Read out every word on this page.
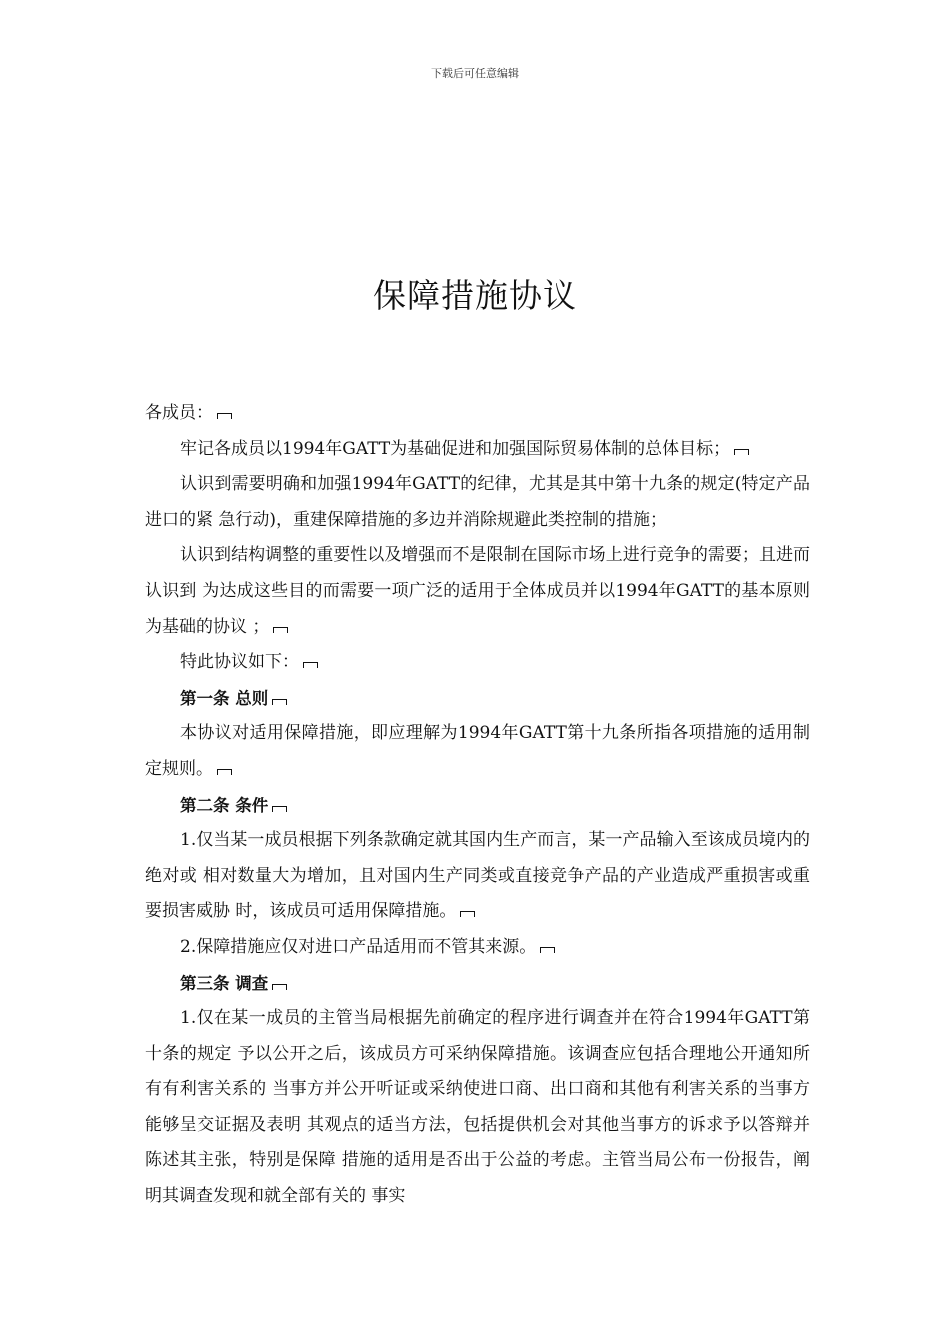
下载后可任意编辑
保障措施协议

各成员：

牢记各成员以1994年GATT为基础促进和加强国际贸易体制的总体目标；

认识到需要明确和加强1994年GATT的纪律，尤其是其中第十九条的规定(特定产品进口的紧 急行动)，重建保障措施的多边并消除规避此类控制的措施；

认识到结构调整的重要性以及增强而不是限制在国际市场上进行竞争的需要；且进而认识到 为达成这些目的而需要一项广泛的适用于全体成员并以1994年GATT的基本原则为基础的协议 ；

特此协议如下：

第一条 总则

本协议对适用保障措施，即应理解为1994年GATT第十九条所指各项措施的适用制定规则。

第二条 条件

1.仅当某一成员根据下列条款确定就其国内生产而言，某一产品输入至该成员境内的绝对或 相对数量大为增加，且对国内生产同类或直接竞争产品的产业造成严重损害或重要损害威胁 时，该成员可适用保障措施。

2.保障措施应仅对进口产品适用而不管其来源。

第三条 调查

1.仅在某一成员的主管当局根据先前确定的程序进行调查并在符合1994年GATT第十条的规定 予以公开之后，该成员方可采纳保障措施。该调查应包括合理地公开通知所有有利害关系的 当事方并公开听证或采纳使进口商、出口商和其他有利害关系的当事方能够呈交证据及表明 其观点的适当方法，包括提供机会对其他当事方的诉求予以答辩并陈述其主张，特别是保障 措施的适用是否出于公益的考虑。主管当局公布一份报告，阐明其调查发现和就全部有关的 事实
